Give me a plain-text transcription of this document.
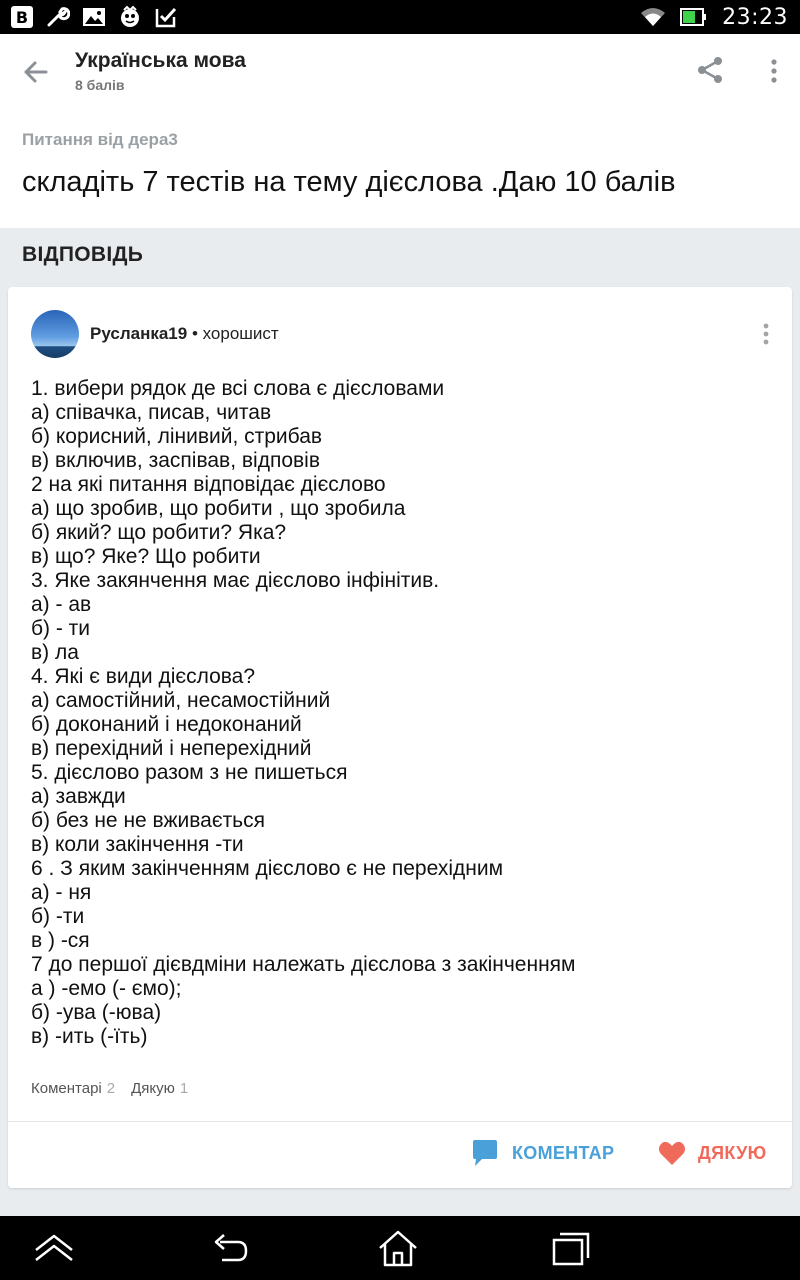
B	23:23
Українська мова
8 балів
Питання від дера3
складіть 7 тестів на тему дієслова .Даю 10 балів
ВІДПОВІДЬ
Русланка19 • хорошист
1. вибери рядок де всі слова є дієсловами
а) співачка, писав, читав
б) корисний, лінивий, стрибав
в) включив, заспівав, відповів
2 на які питання відповідає дієслово
а) що зробив, що робити , що зробила
б) який? що робити? Яка?
в) що? Яке? Що робити
3. Яке закянчення має дієслово інфінітив.
а) - ав
б) - ти
в) ла
4. Які є види дієслова?
а) самостійний, несамостійний
б) доконаний і недоконаний
в) перехідний і неперехідний
5. дієслово разом з не пишеться
а) завжди
б) без не не вживається
в) коли закінчення -ти
6 . З яким закінченням дієслово є не перехідним
а) - ня
б) -ти
в ) -ся
7 до першої дієвдміни належать дієслова з закінченням
а ) -емо (- ємо);
б) -ува (-юва)
в) -ить (-їть)
Коментарі 2 Дякую 1
КОМЕНТАР	ДЯКУЮ
